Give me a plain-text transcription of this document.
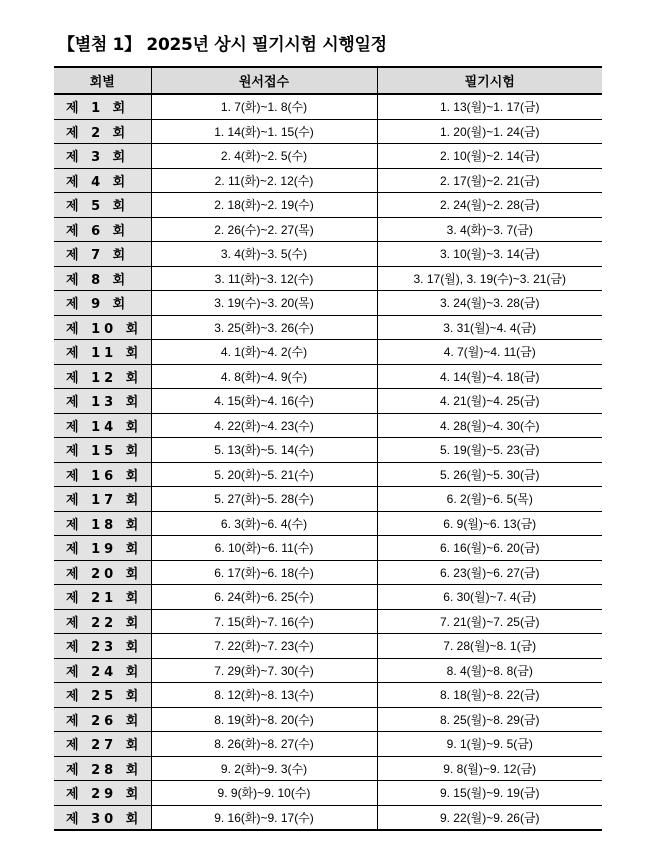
【별첨 1】 2025년 상시 필기시험 시행일정
회별	원서접수	필기시험
제 1 회	1. 7(화)~1. 8(수)	1. 13(월)~1. 17(금)
제 2 회	1. 14(화)~1. 15(수)	1. 20(월)~1. 24(금)
제 3 회	2. 4(화)~2. 5(수)	2. 10(월)~2. 14(금)
제 4 회	2. 11(화)~2. 12(수)	2. 17(월)~2. 21(금)
제 5 회	2. 18(화)~2. 19(수)	2. 24(월)~2. 28(금)
제 6 회	2. 26(수)~2. 27(목)	3. 4(화)~3. 7(금)
제 7 회	3. 4(화)~3. 5(수)	3. 10(월)~3. 14(금)
제 8 회	3. 11(화)~3. 12(수)	3. 17(월), 3. 19(수)~3. 21(금)
제 9 회	3. 19(수)~3. 20(목)	3. 24(월)~3. 28(금)
제 10 회	3. 25(화)~3. 26(수)	3. 31(월)~4. 4(금)
제 11 회	4. 1(화)~4. 2(수)	4. 7(월)~4. 11(금)
제 12 회	4. 8(화)~4. 9(수)	4. 14(월)~4. 18(금)
제 13 회	4. 15(화)~4. 16(수)	4. 21(월)~4. 25(금)
제 14 회	4. 22(화)~4. 23(수)	4. 28(월)~4. 30(수)
제 15 회	5. 13(화)~5. 14(수)	5. 19(월)~5. 23(금)
제 16 회	5. 20(화)~5. 21(수)	5. 26(월)~5. 30(금)
제 17 회	5. 27(화)~5. 28(수)	6. 2(월)~6. 5(목)
제 18 회	6. 3(화)~6. 4(수)	6. 9(월)~6. 13(금)
제 19 회	6. 10(화)~6. 11(수)	6. 16(월)~6. 20(금)
제 20 회	6. 17(화)~6. 18(수)	6. 23(월)~6. 27(금)
제 21 회	6. 24(화)~6. 25(수)	6. 30(월)~7. 4(금)
제 22 회	7. 15(화)~7. 16(수)	7. 21(월)~7. 25(금)
제 23 회	7. 22(화)~7. 23(수)	7. 28(월)~8. 1(금)
제 24 회	7. 29(화)~7. 30(수)	8. 4(월)~8. 8(금)
제 25 회	8. 12(화)~8. 13(수)	8. 18(월)~8. 22(금)
제 26 회	8. 19(화)~8. 20(수)	8. 25(월)~8. 29(금)
제 27 회	8. 26(화)~8. 27(수)	9. 1(월)~9. 5(금)
제 28 회	9. 2(화)~9. 3(수)	9. 8(월)~9. 12(금)
제 29 회	9. 9(화)~9. 10(수)	9. 15(월)~9. 19(금)
제 30 회	9. 16(화)~9. 17(수)	9. 22(월)~9. 26(금)
